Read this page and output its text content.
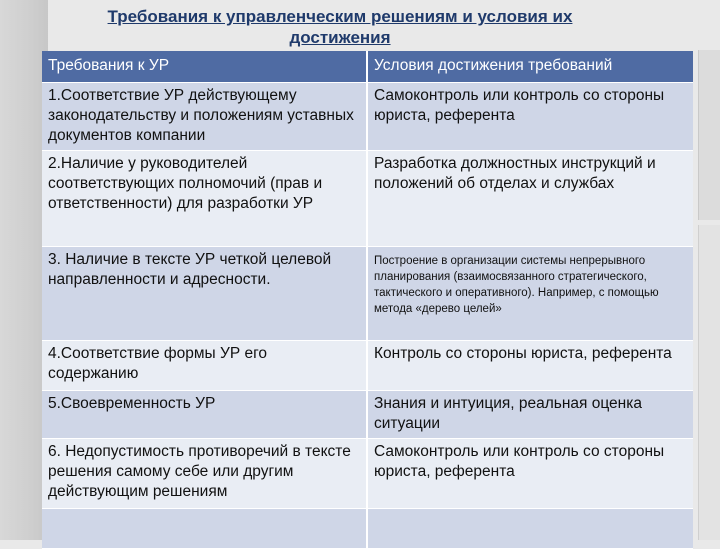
Требования к управленческим решениям и условия их достижения
Требования к УР	Условия достижения требований
1.Соответствие УР действующему законодательству и положениям уставных документов компании	Самоконтроль или контроль со стороны юриста, референта
2.Наличие у руководителей соответствующих полномочий (прав и ответственности) для разработки УР	Разработка должностных инструкций и положений об отделах и службах
3. Наличие в тексте УР четкой целевой направленности и адресности.	Построение в организации системы непрерывного планирования (взаимосвязанного стратегического, тактического и оперативного). Например, с помощью метода «дерево целей»
4.Соответствие формы УР его содержанию	Контроль со стороны юриста, референта
5.Своевременность УР	Знания и интуиция, реальная оценка ситуации
6. Недопустимость противоречий в тексте решения самому себе или другим действующим решениям	Самоконтроль или контроль со стороны юриста, референта
